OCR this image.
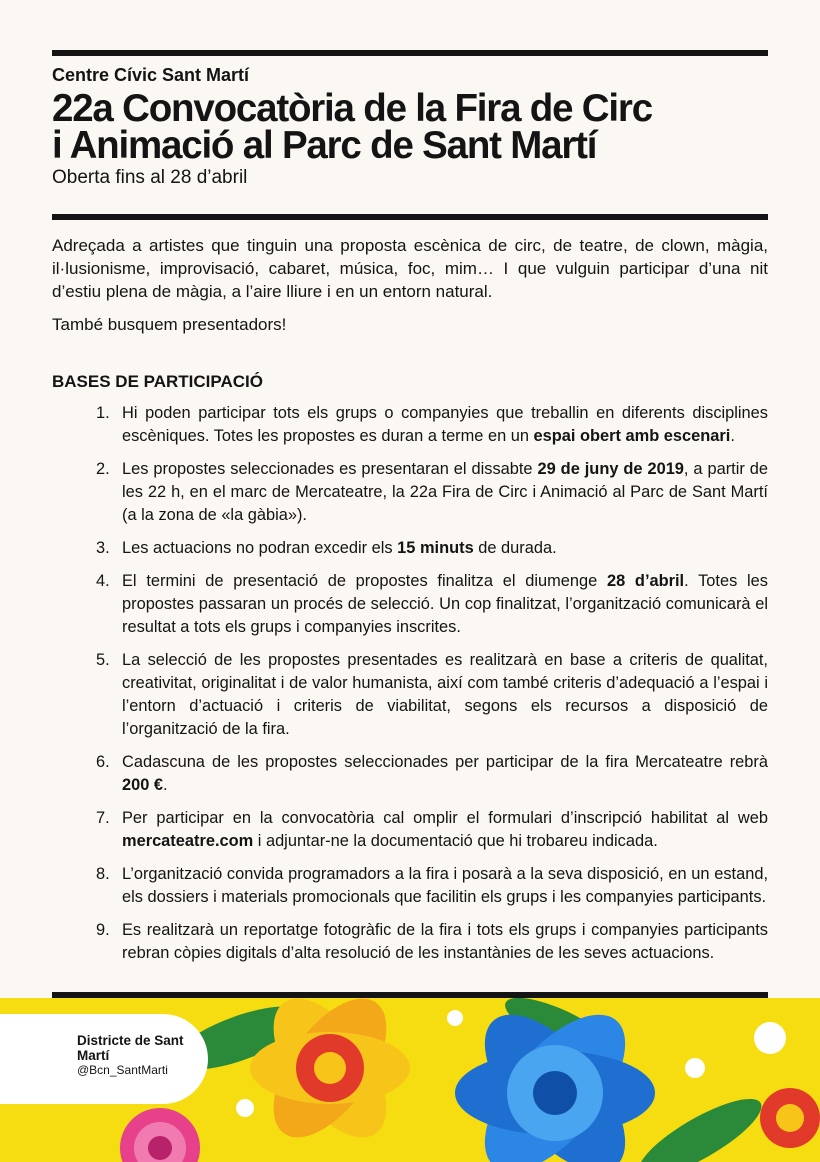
Centre Cívic Sant Martí
22a Convocatòria de la Fira de Circ
i Animació al Parc de Sant Martí
Oberta fins al 28 d’abril

Adreçada a artistes que tinguin una proposta escènica de circ, de teatre, de clown, màgia, il·lusionisme, improvisació, cabaret, música, foc, mim… I que vulguin participar d’una nit d’estiu plena de màgia, a l’aire lliure i en un entorn natural.

També busquem presentadors!

BASES DE PARTICIPACIÓ
1. Hi poden participar tots els grups o companyies que treballin en diferents disciplines escèniques. Totes les propostes es duran a terme en un espai obert amb escenari.
2. Les propostes seleccionades es presentaran el dissabte 29 de juny de 2019, a partir de les 22 h, en el marc de Mercateatre, la 22a Fira de Circ i Animació al Parc de Sant Martí (a la zona de «la gàbia»).
3. Les actuacions no podran excedir els 15 minuts de durada.
4. El termini de presentació de propostes finalitza el diumenge 28 d’abril. Totes les propostes passaran un procés de selecció. Un cop finalitzat, l’organització comunicarà el resultat a tots els grups i companyies inscrites.
5. La selecció de les propostes presentades es realitzarà en base a criteris de qualitat, creativitat, originalitat i de valor humanista, així com també criteris d’adequació a l’espai i l’entorn d’actuació i criteris de viabilitat, segons els recursos a disposició de l’organització de la fira.
6. Cadascuna de les propostes seleccionades per participar de la fira Mercateatre rebrà 200 €.
7. Per participar en la convocatòria cal omplir el formulari d’inscripció habilitat al web mercateatre.com i adjuntar-ne la documentació que hi trobareu indicada.
8. L’organització convida programadors a la fira i posarà a la seva disposició, en un estand, els dossiers i materials promocionals que facilitin els grups i les companyies participants.
9. Es realitzarà un reportatge fotogràfic de la fira i tots els grups i companyies participants rebran còpies digitals d’alta resolució de les instantànies de les seves actuacions.
Districte de Sant Martí
@Bcn_SantMarti
